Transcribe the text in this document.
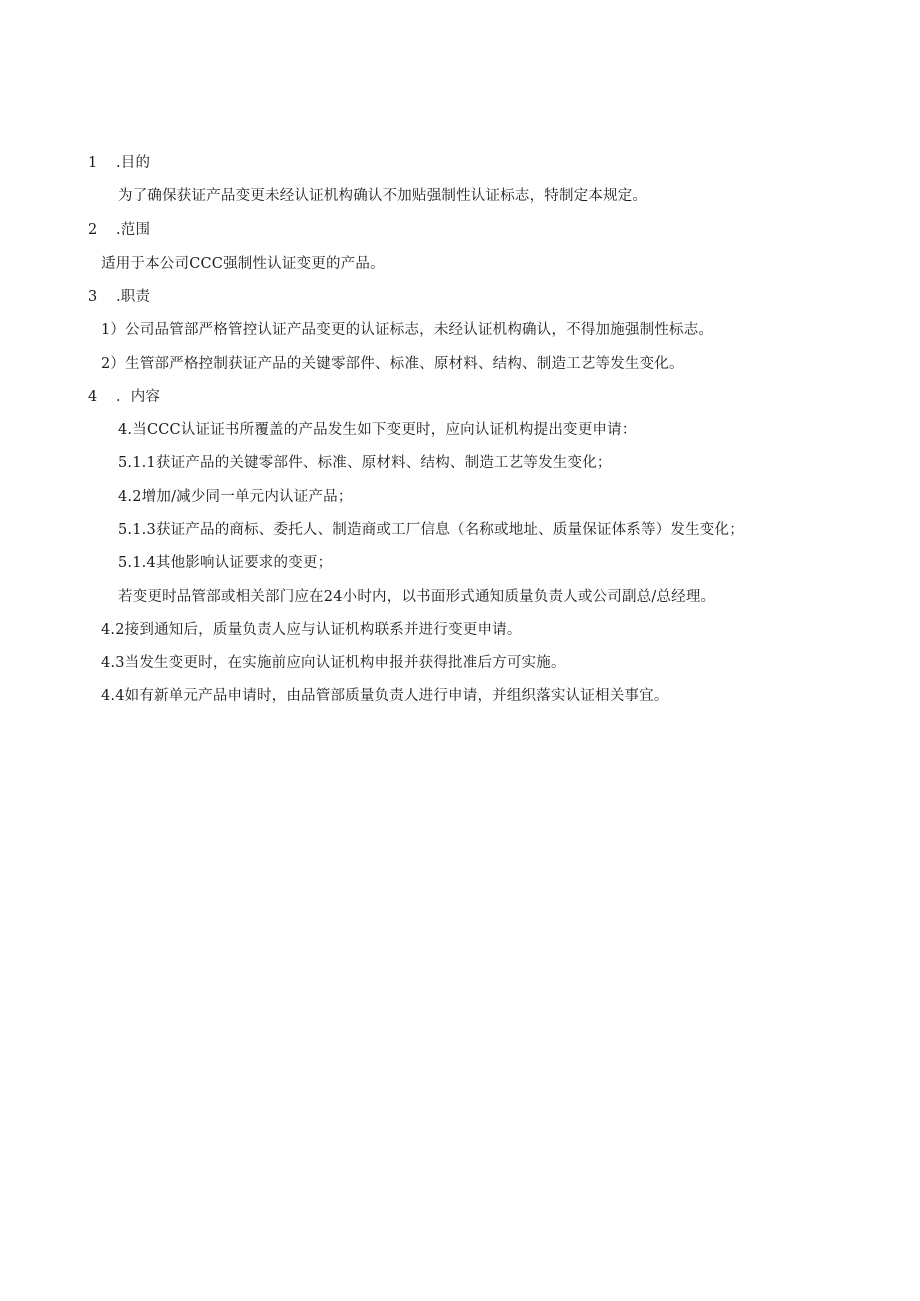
1 .目的
为了确保获证产品变更未经认证机构确认不加贴强制性认证标志，特制定本规定。
2 .范围
适用于本公司CCC强制性认证变更的产品。
3 .职责
1）公司品管部严格管控认证产品变更的认证标志，未经认证机构确认，不得加施强制性标志。
2）生管部严格控制获证产品的关键零部件、标准、原材料、结构、制造工艺等发生变化。
4 ．内容
4.当CCC认证证书所覆盖的产品发生如下变更时，应向认证机构提出变更申请：
5.1.1获证产品的关键零部件、标准、原材料、结构、制造工艺等发生变化；
4.2增加/减少同一单元内认证产品；
5.1.3获证产品的商标、委托人、制造商或工厂信息（名称或地址、质量保证体系等）发生变化；
5.1.4其他影响认证要求的变更；
若变更时品管部或相关部门应在24小时内，以书面形式通知质量负责人或公司副总/总经理。
4.2接到通知后，质量负责人应与认证机构联系并进行变更申请。
4.3当发生变更时，在实施前应向认证机构申报并获得批准后方可实施。
4.4如有新单元产品申请时，由品管部质量负责人进行申请，并组织落实认证相关事宜。
